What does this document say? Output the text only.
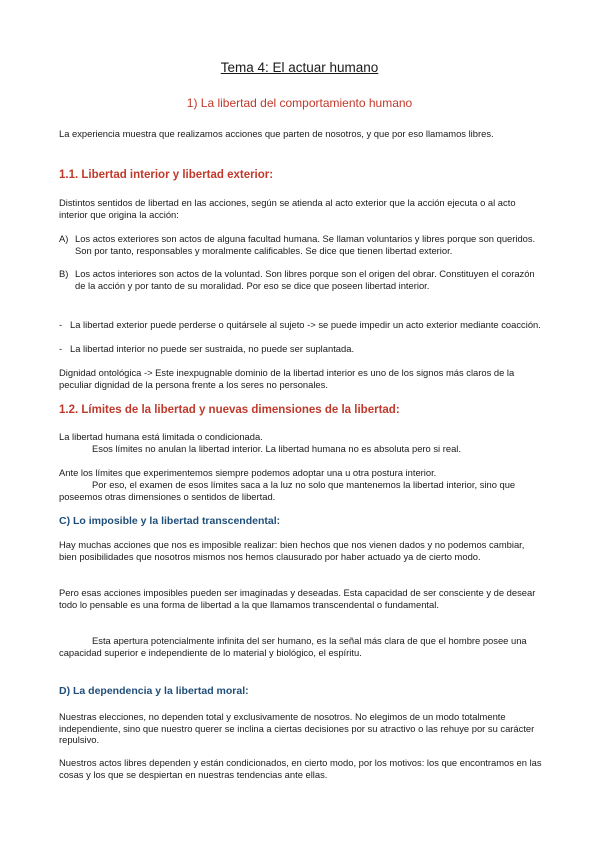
Tema 4: El actuar humano
1) La libertad del comportamiento humano

La experiencia muestra que realizamos acciones que parten de nosotros, y que por eso llamamos libres.

1.1. Libertad interior y libertad exterior:

Distintos sentidos de libertad en las acciones, según se atienda al acto exterior que la acción ejecuta o al acto interior que origina la acción:

A) Los actos exteriores son actos de alguna facultad humana. Se llaman voluntarios y libres porque son queridos. Son por tanto, responsables y moralmente calificables. Se dice que tienen libertad exterior.
B) Los actos interiores son actos de la voluntad. Son libres porque son el origen del obrar. Constituyen el corazón de la acción y por tanto de su moralidad. Por eso se dice que poseen libertad interior.
- La libertad exterior puede perderse o quitársele al sujeto -> se puede impedir un acto exterior mediante coacción.
- La libertad interior no puede ser sustraida, no puede ser suplantada.

Dignidad ontológica -> Este inexpugnable dominio de la libertad interior es uno de los signos más claros de la peculiar dignidad de la persona frente a los seres no personales.

1.2. Límites de la libertad y nuevas dimensiones de la libertad:

La libertad humana está limitada o condicionada.

Esos límites no anulan la libertad interior. La libertad humana no es absoluta pero si real.

Ante los límites que experimentemos siempre podemos adoptar una u otra postura interior.

Por eso, el examen de esos límites saca a la luz no solo que mantenemos la libertad interior, sino que poseemos otras dimensiones o sentidos de libertad.

C) Lo imposible y la libertad transcendental:

Hay muchas acciones que nos es imposible realizar: bien hechos que nos vienen dados y no podemos cambiar, bien posibilidades que nosotros mismos nos hemos clausurado por haber actuado ya de cierto modo.

Pero esas acciones imposibles pueden ser imaginadas y deseadas. Esta capacidad de ser consciente y de desear todo lo pensable es una forma de libertad a la que llamamos transcendental o fundamental.

Esta apertura potencialmente infinita del ser humano, es la señal más clara de que el hombre posee una capacidad superior e independiente de lo material y biológico, el espíritu.

D) La dependencia y la libertad moral:

Nuestras elecciones, no dependen total y exclusivamente de nosotros. No elegimos de un modo totalmente independiente, sino que nuestro querer se inclina a ciertas decisiones por su atractivo o las rehuye por su carácter repulsivo.

Nuestros actos libres dependen y están condicionados, en cierto modo, por los motivos: los que encontramos en las cosas y los que se despiertan en nuestras tendencias ante ellas.
